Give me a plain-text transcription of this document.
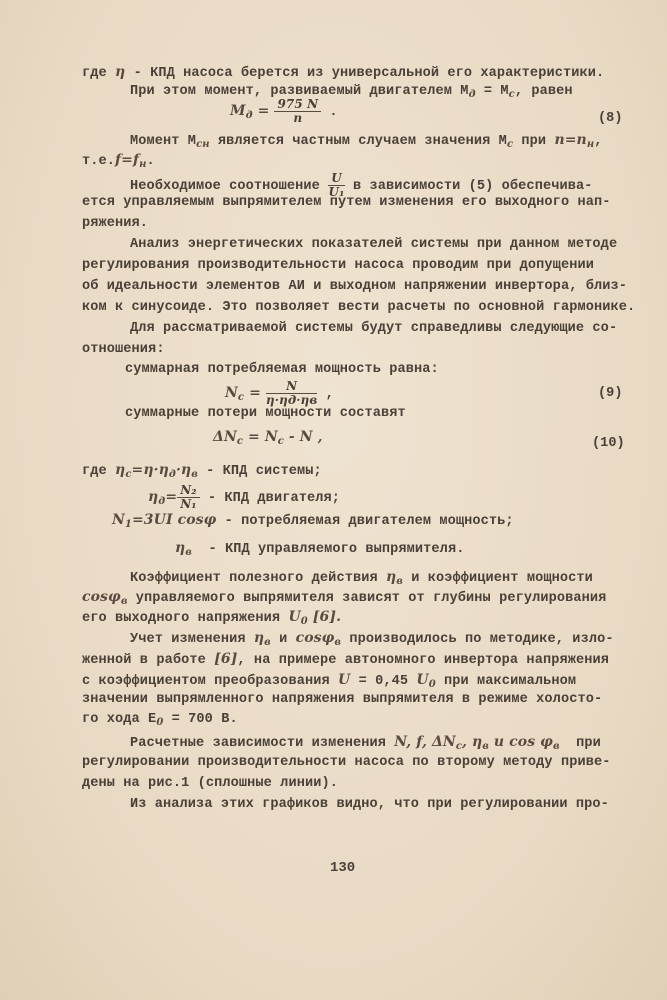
где η - КПД насоса берется из универсальной его характеристики.
При этом момент, развиваемый двигателем $M_д = M_с$, равен
$M_д = \frac{975 N}{n}$ .
Момент $M_{сн}$ является частным случаем значения $M_с$ при $n=n_н$,
$т.е.f=f_н$.
Необходимое соотношение $\frac{U}{\text{U₁}}$ в зависимости (5) обеспечива-
ется управляемым выпрямителем путем изменения его выходного нап-
ряжения.
Анализ энергетических показателей системы при данном методе
регулирования производительности насоса проводим при допущении
об идеальности элементов АИ и выходном напряжении инвертора, близ-
ком к синусоиде. Это позволяет вести расчеты по основной гармонике.
Для рассматриваемой системы будут справедливы следующие со-
отношения:
суммарная потребляемая мощность равна:
$N_c = \frac{N}{\eta\cdot\eta д\cdot\eta в}$ ,
суммарные потери мощности составят
$\Delta N_c = N_c - N$ ,
где $\eta_c=\eta\cdot\eta_д\cdot\eta_в$ - КПД системы;
$\eta_д= \frac{\text{N₂}}{\text{N₁}}$ - КПД двигателя;
$N_1=3UI$ cosφ - потребляемая двигателем мощность;
$\eta_в$  - КПД управляемого выпрямителя.
Коэффициент полезного действия $\eta_в$ и коэффициент мощности
cosφ$_в$ управляемого выпрямителя зависят от глубины регулирования
его выходного напряжения $U_0$ [6].
Учет изменения $\eta_в$ и cosφ$_в$ производилось по методике, изло-
женной в работе [6], на примере автономного инвертора напряжения
с коэффициентом преобразования U = 0,45 $U_0$ при максимальном
значении выпрямленного напряжения выпрямителя в режиме холосто-
го хода $E_0 = 700$ В.
Расчетные зависимости изменения N, f, $\Delta N_c$, $\eta_в$ и $\cos \varphi_в$  при
регулировании производительности насоса по второму методу приве-
дены на рис.1 (сплошные линии).
Из анализа этих графиков видно, что при регулировании про-
(8)
(9)
(10)
130
